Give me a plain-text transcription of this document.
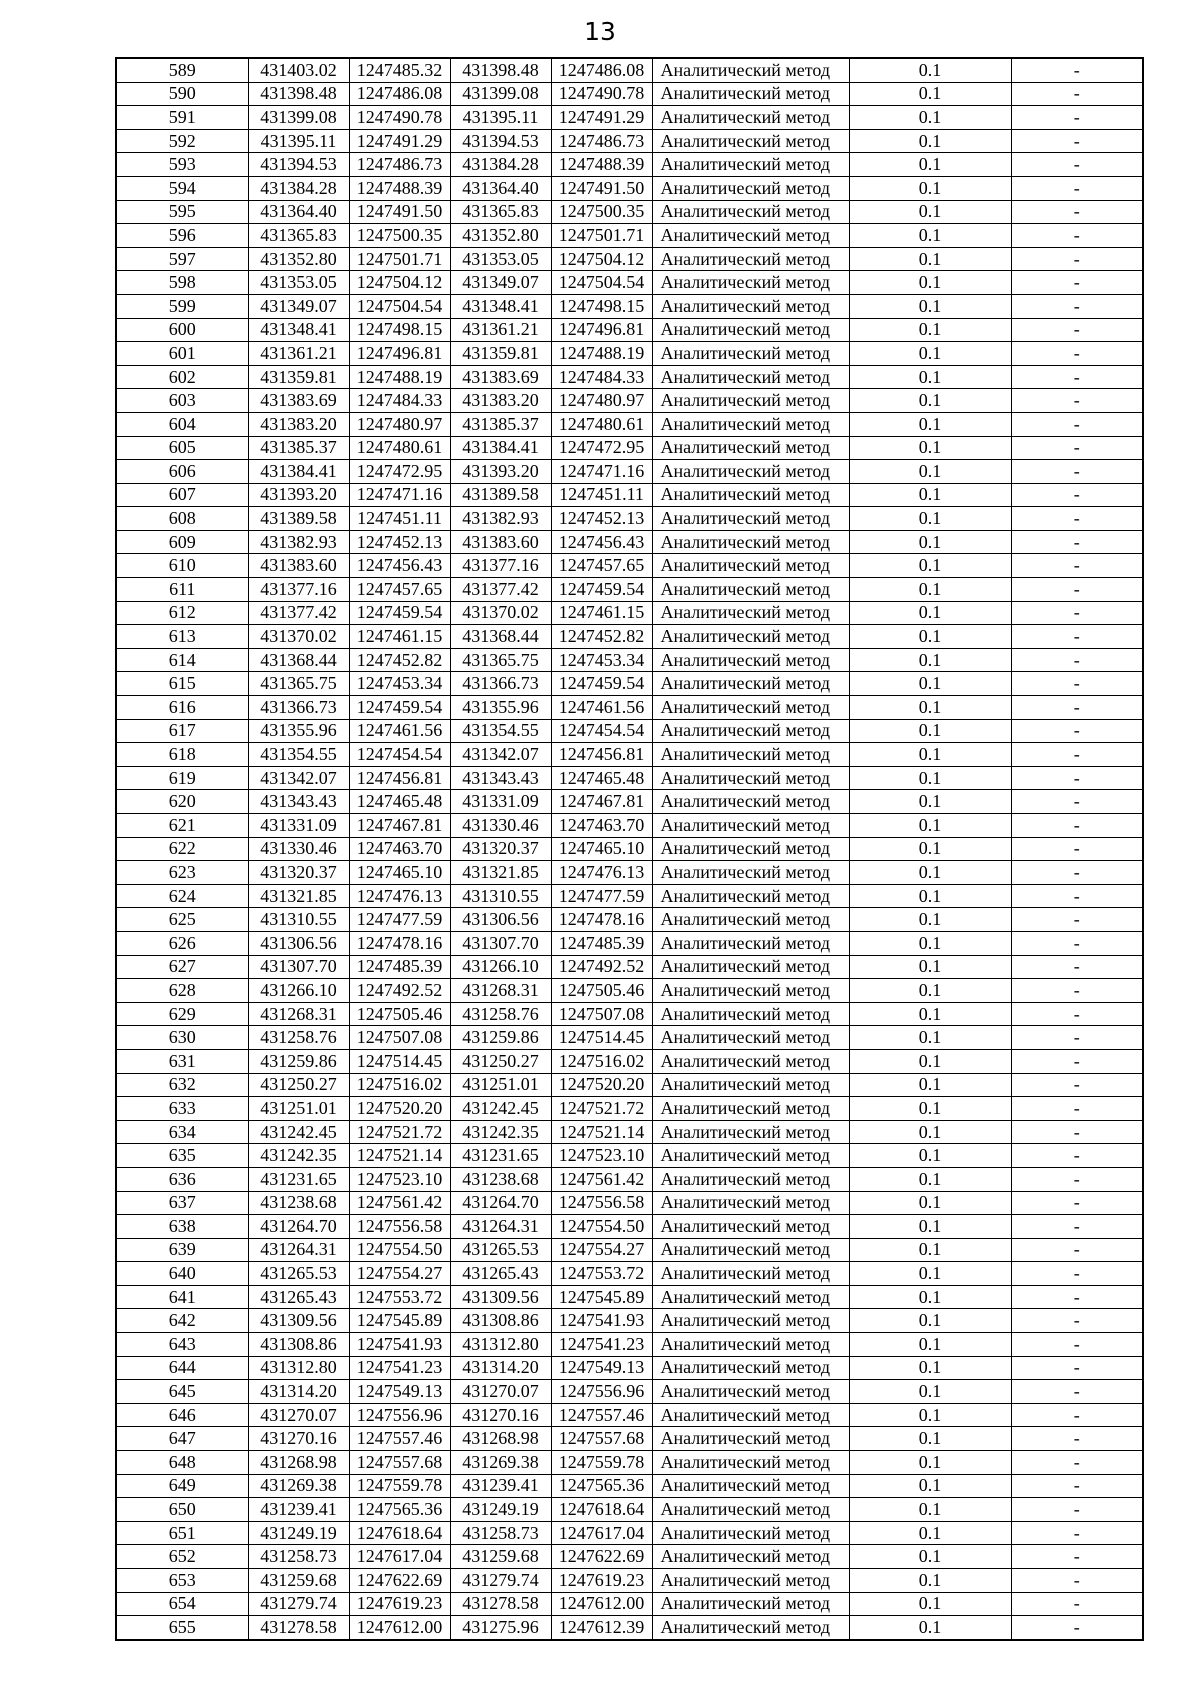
13
589	431403.02	1247485.32	431398.48	1247486.08	Аналитический метод	0.1	-
590	431398.48	1247486.08	431399.08	1247490.78	Аналитический метод	0.1	-
591	431399.08	1247490.78	431395.11	1247491.29	Аналитический метод	0.1	-
592	431395.11	1247491.29	431394.53	1247486.73	Аналитический метод	0.1	-
593	431394.53	1247486.73	431384.28	1247488.39	Аналитический метод	0.1	-
594	431384.28	1247488.39	431364.40	1247491.50	Аналитический метод	0.1	-
595	431364.40	1247491.50	431365.83	1247500.35	Аналитический метод	0.1	-
596	431365.83	1247500.35	431352.80	1247501.71	Аналитический метод	0.1	-
597	431352.80	1247501.71	431353.05	1247504.12	Аналитический метод	0.1	-
598	431353.05	1247504.12	431349.07	1247504.54	Аналитический метод	0.1	-
599	431349.07	1247504.54	431348.41	1247498.15	Аналитический метод	0.1	-
600	431348.41	1247498.15	431361.21	1247496.81	Аналитический метод	0.1	-
601	431361.21	1247496.81	431359.81	1247488.19	Аналитический метод	0.1	-
602	431359.81	1247488.19	431383.69	1247484.33	Аналитический метод	0.1	-
603	431383.69	1247484.33	431383.20	1247480.97	Аналитический метод	0.1	-
604	431383.20	1247480.97	431385.37	1247480.61	Аналитический метод	0.1	-
605	431385.37	1247480.61	431384.41	1247472.95	Аналитический метод	0.1	-
606	431384.41	1247472.95	431393.20	1247471.16	Аналитический метод	0.1	-
607	431393.20	1247471.16	431389.58	1247451.11	Аналитический метод	0.1	-
608	431389.58	1247451.11	431382.93	1247452.13	Аналитический метод	0.1	-
609	431382.93	1247452.13	431383.60	1247456.43	Аналитический метод	0.1	-
610	431383.60	1247456.43	431377.16	1247457.65	Аналитический метод	0.1	-
611	431377.16	1247457.65	431377.42	1247459.54	Аналитический метод	0.1	-
612	431377.42	1247459.54	431370.02	1247461.15	Аналитический метод	0.1	-
613	431370.02	1247461.15	431368.44	1247452.82	Аналитический метод	0.1	-
614	431368.44	1247452.82	431365.75	1247453.34	Аналитический метод	0.1	-
615	431365.75	1247453.34	431366.73	1247459.54	Аналитический метод	0.1	-
616	431366.73	1247459.54	431355.96	1247461.56	Аналитический метод	0.1	-
617	431355.96	1247461.56	431354.55	1247454.54	Аналитический метод	0.1	-
618	431354.55	1247454.54	431342.07	1247456.81	Аналитический метод	0.1	-
619	431342.07	1247456.81	431343.43	1247465.48	Аналитический метод	0.1	-
620	431343.43	1247465.48	431331.09	1247467.81	Аналитический метод	0.1	-
621	431331.09	1247467.81	431330.46	1247463.70	Аналитический метод	0.1	-
622	431330.46	1247463.70	431320.37	1247465.10	Аналитический метод	0.1	-
623	431320.37	1247465.10	431321.85	1247476.13	Аналитический метод	0.1	-
624	431321.85	1247476.13	431310.55	1247477.59	Аналитический метод	0.1	-
625	431310.55	1247477.59	431306.56	1247478.16	Аналитический метод	0.1	-
626	431306.56	1247478.16	431307.70	1247485.39	Аналитический метод	0.1	-
627	431307.70	1247485.39	431266.10	1247492.52	Аналитический метод	0.1	-
628	431266.10	1247492.52	431268.31	1247505.46	Аналитический метод	0.1	-
629	431268.31	1247505.46	431258.76	1247507.08	Аналитический метод	0.1	-
630	431258.76	1247507.08	431259.86	1247514.45	Аналитический метод	0.1	-
631	431259.86	1247514.45	431250.27	1247516.02	Аналитический метод	0.1	-
632	431250.27	1247516.02	431251.01	1247520.20	Аналитический метод	0.1	-
633	431251.01	1247520.20	431242.45	1247521.72	Аналитический метод	0.1	-
634	431242.45	1247521.72	431242.35	1247521.14	Аналитический метод	0.1	-
635	431242.35	1247521.14	431231.65	1247523.10	Аналитический метод	0.1	-
636	431231.65	1247523.10	431238.68	1247561.42	Аналитический метод	0.1	-
637	431238.68	1247561.42	431264.70	1247556.58	Аналитический метод	0.1	-
638	431264.70	1247556.58	431264.31	1247554.50	Аналитический метод	0.1	-
639	431264.31	1247554.50	431265.53	1247554.27	Аналитический метод	0.1	-
640	431265.53	1247554.27	431265.43	1247553.72	Аналитический метод	0.1	-
641	431265.43	1247553.72	431309.56	1247545.89	Аналитический метод	0.1	-
642	431309.56	1247545.89	431308.86	1247541.93	Аналитический метод	0.1	-
643	431308.86	1247541.93	431312.80	1247541.23	Аналитический метод	0.1	-
644	431312.80	1247541.23	431314.20	1247549.13	Аналитический метод	0.1	-
645	431314.20	1247549.13	431270.07	1247556.96	Аналитический метод	0.1	-
646	431270.07	1247556.96	431270.16	1247557.46	Аналитический метод	0.1	-
647	431270.16	1247557.46	431268.98	1247557.68	Аналитический метод	0.1	-
648	431268.98	1247557.68	431269.38	1247559.78	Аналитический метод	0.1	-
649	431269.38	1247559.78	431239.41	1247565.36	Аналитический метод	0.1	-
650	431239.41	1247565.36	431249.19	1247618.64	Аналитический метод	0.1	-
651	431249.19	1247618.64	431258.73	1247617.04	Аналитический метод	0.1	-
652	431258.73	1247617.04	431259.68	1247622.69	Аналитический метод	0.1	-
653	431259.68	1247622.69	431279.74	1247619.23	Аналитический метод	0.1	-
654	431279.74	1247619.23	431278.58	1247612.00	Аналитический метод	0.1	-
655	431278.58	1247612.00	431275.96	1247612.39	Аналитический метод	0.1	-
